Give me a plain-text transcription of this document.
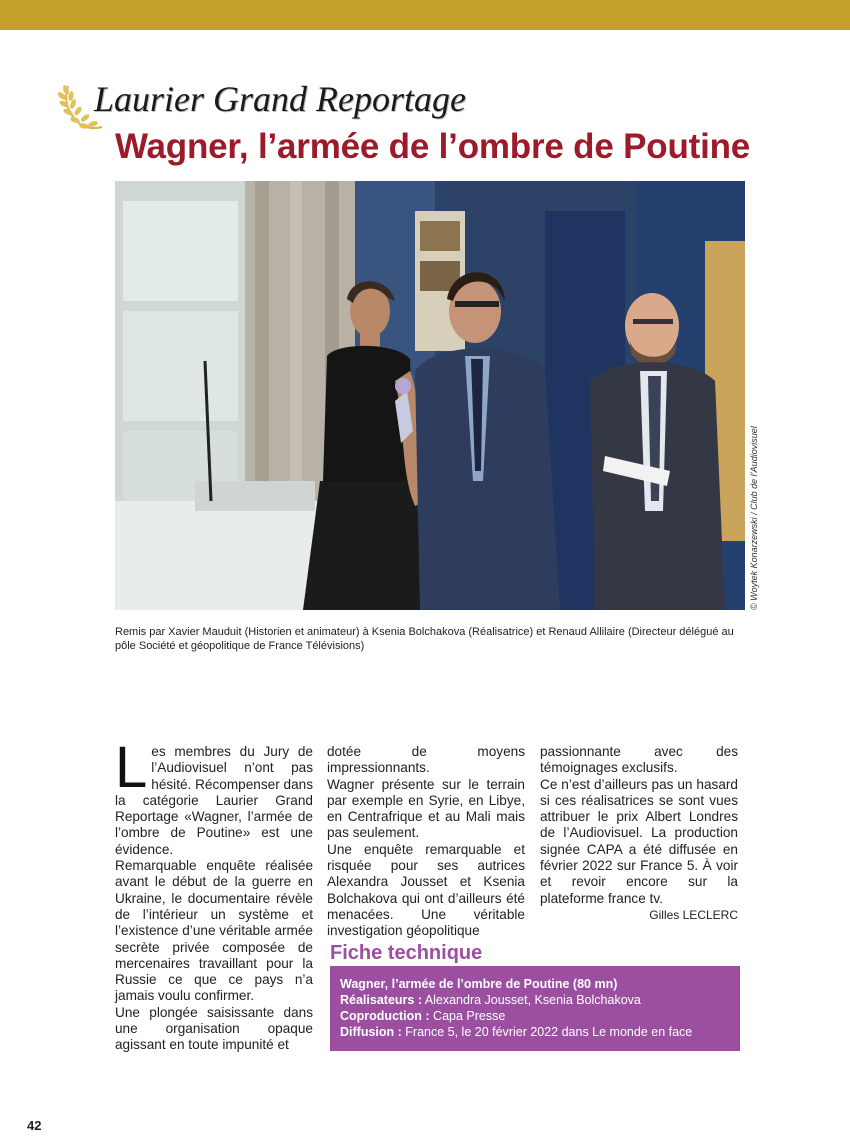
Laurier Grand Reportage
Wagner, l’armée de l’ombre de Poutine
© Woytek Konarzewski / Club de l’Audiovisuel

Remis par Xavier Mauduit (Historien et animateur) à Ksenia Bolchakova (Réalisatrice) et Renaud Allilaire (Directeur délégué au pôle Société et géopolitique de France Télévisions)

Les membres du Jury de l’Audiovisuel n’ont pas hésité. Récompenser dans la catégorie Laurier Grand Reportage «Wagner, l’armée de l’ombre de Poutine» est une évidence.

Remarquable enquête réalisée avant le début de la guerre en Ukraine, le documentaire révèle de l’intérieur un système et l’existence d’une véritable armée secrète privée composée de mercenaires travaillant pour la Russie ce que ce pays n’a jamais voulu confirmer.

Une plongée saisissante dans une organisation opaque agissant en toute impunité et

dotée de moyens impressionnants.

Wagner présente sur le terrain par exemple en Syrie, en Libye, en Centrafrique et au Mali mais pas seulement.

Une enquête remarquable et risquée pour ses autrices Alexandra Jousset et Ksenia Bolchakova qui ont d’ailleurs été menacées. Une véritable investigation géopolitique

passionnante avec des témoignages exclusifs.

Ce n’est d’ailleurs pas un hasard si ces réalisatrices se sont vues attribuer le prix Albert Londres de l’Audiovisuel. La production signée CAPA a été diffusée en février 2022 sur France 5. À voir et revoir encore sur la plateforme france tv.

Gilles LECLERC

Fiche technique
Wagner, l’armée de l’ombre de Poutine (80 mn)
Réalisateurs : Alexandra Jousset, Ksenia Bolchakova
Coproduction : Capa Presse
Diffusion : France 5, le 20 février 2022 dans Le monde en face
42
